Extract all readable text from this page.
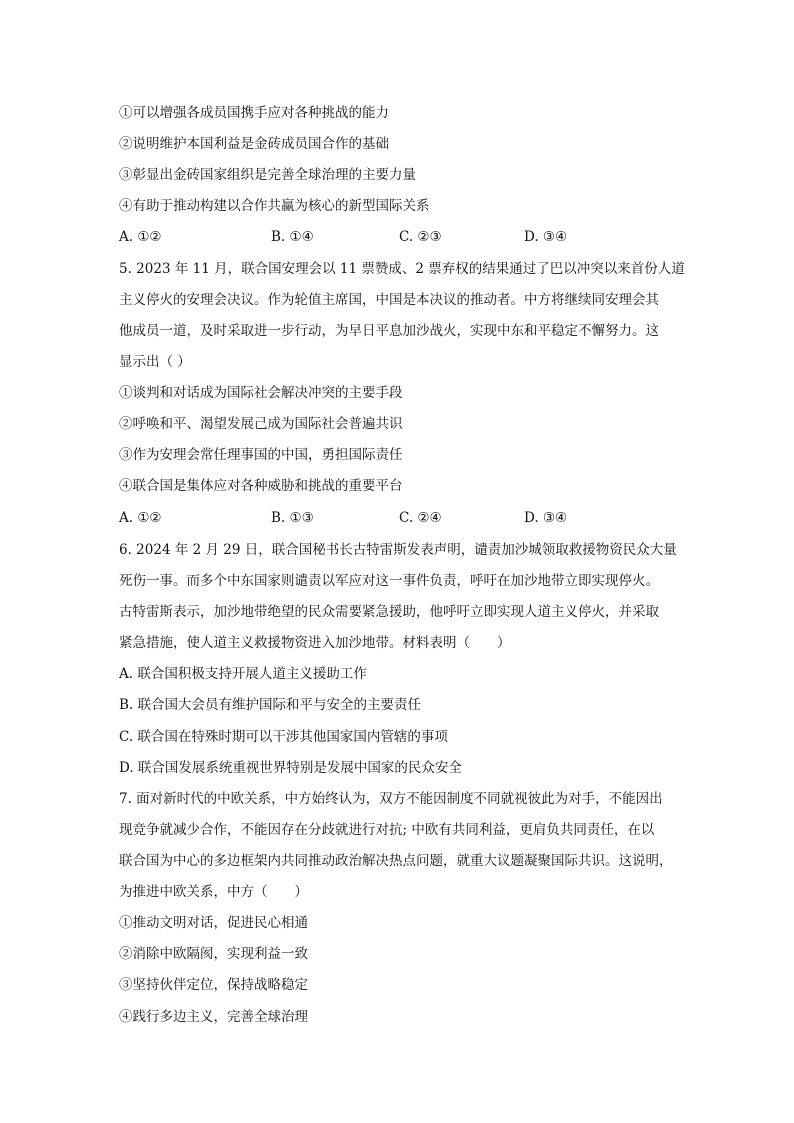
①可以增强各成员国携手应对各种挑战的能力
②说明维护本国利益是金砖成员国合作的基础
③彰显出金砖国家组织是完善全球治理的主要力量
④有助于推动构建以合作共赢为核心的新型国际关系
A. ①②	B. ①④	C. ②③	D. ③④
5. 2023 年 11 月，联合国安理会以 11 票赞成、2 票弃权的结果通过了巴以冲突以来首份人道
主义停火的安理会决议。作为轮值主席国，中国是本决议的推动者。中方将继续同安理会其
他成员一道，及时采取进一步行动，为早日平息加沙战火，实现中东和平稳定不懈努力。这
显示出（ ）
①谈判和对话成为国际社会解决冲突的主要手段
②呼唤和平、渴望发展己成为国际社会普遍共识
③作为安理会常任理事国的中国，勇担国际责任
④联合国是集体应对各种威胁和挑战的重要平台
A. ①②	B. ①③	C. ②④	D. ③④
6. 2024 年 2 月 29 日，联合国秘书长古特雷斯发表声明，谴责加沙城领取救援物资民众大量
死伤一事。而多个中东国家则谴责以军应对这一事件负责，呼吁在加沙地带立即实现停火。
古特雷斯表示，加沙地带绝望的民众需要紧急援助，他呼吁立即实现人道主义停火，并采取
紧急措施，使人道主义救援物资进入加沙地带。材料表明（　　）
A. 联合国积极支持开展人道主义援助工作
B. 联合国大会员有维护国际和平与安全的主要责任
C. 联合国在特殊时期可以干涉其他国家国内管辖的事项
D. 联合国发展系统重视世界特别是发展中国家的民众安全
7. 面对新时代的中欧关系，中方始终认为，双方不能因制度不同就视彼此为对手，不能因出
现竞争就减少合作，不能因存在分歧就进行对抗; 中欧有共同利益，更肩负共同责任，在以
联合国为中心的多边框架内共同推动政治解决热点问题，就重大议题凝聚国际共识。这说明，
为推进中欧关系，中方（　　）
①推动文明对话，促进民心相通
②消除中欧隔阂，实现利益一致
③坚持伙伴定位，保持战略稳定
④践行多边主义，完善全球治理
